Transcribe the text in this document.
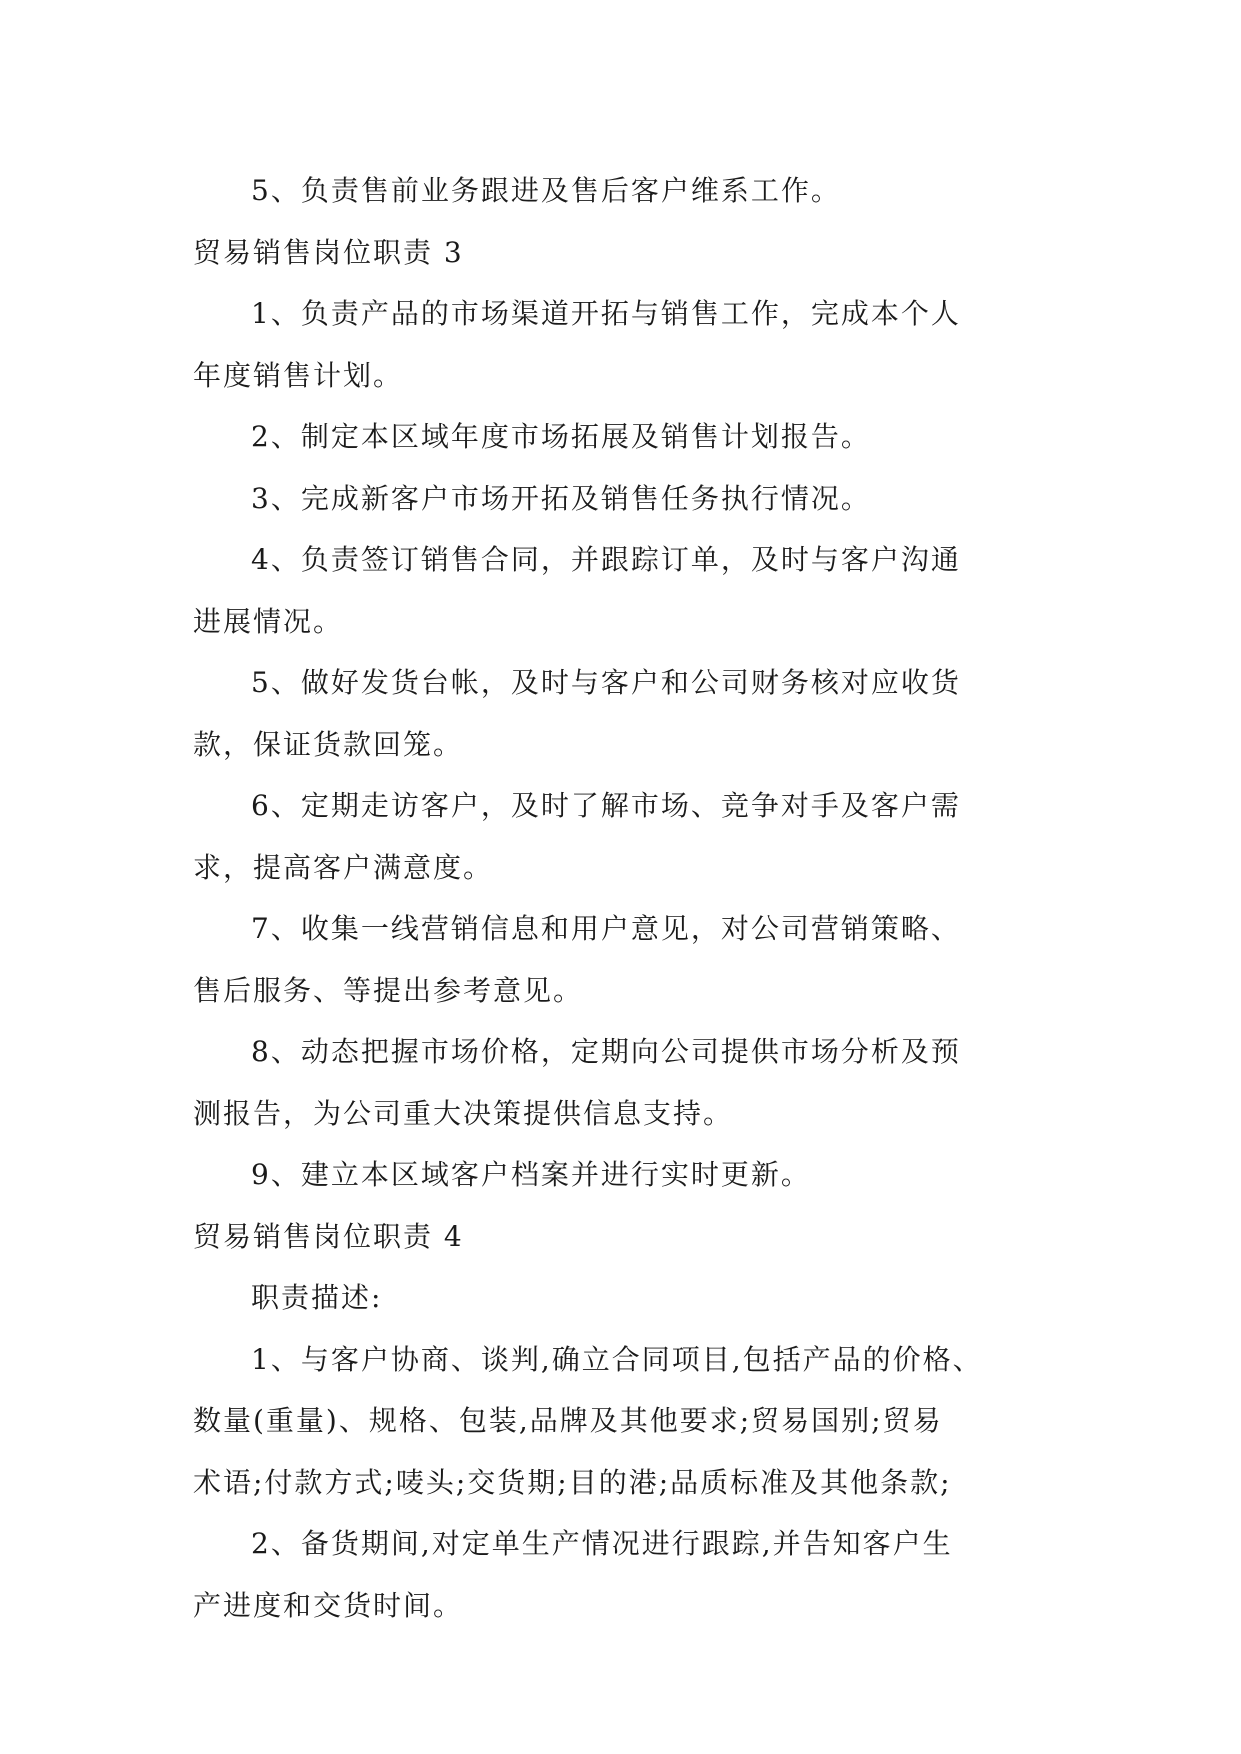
5、负责售前业务跟进及售后客户维系工作。

贸易销售岗位职责 3

1、负责产品的市场渠道开拓与销售工作，完成本个人

年度销售计划。

2、制定本区域年度市场拓展及销售计划报告。

3、完成新客户市场开拓及销售任务执行情况。

4、负责签订销售合同，并跟踪订单，及时与客户沟通

进展情况。

5、做好发货台帐，及时与客户和公司财务核对应收货

款，保证货款回笼。

6、定期走访客户，及时了解市场、竞争对手及客户需

求，提高客户满意度。

7、收集一线营销信息和用户意见，对公司营销策略、

售后服务、等提出参考意见。

8、动态把握市场价格，定期向公司提供市场分析及预

测报告，为公司重大决策提供信息支持。

9、建立本区域客户档案并进行实时更新。

贸易销售岗位职责 4

职责描述:

1、与客户协商、谈判,确立合同项目,包括产品的价格、

数量(重量)、规格、包装,品牌及其他要求;贸易国别;贸易

术语;付款方式;唛头;交货期;目的港;品质标准及其他条款;

2、备货期间,对定单生产情况进行跟踪,并告知客户生

产进度和交货时间。
